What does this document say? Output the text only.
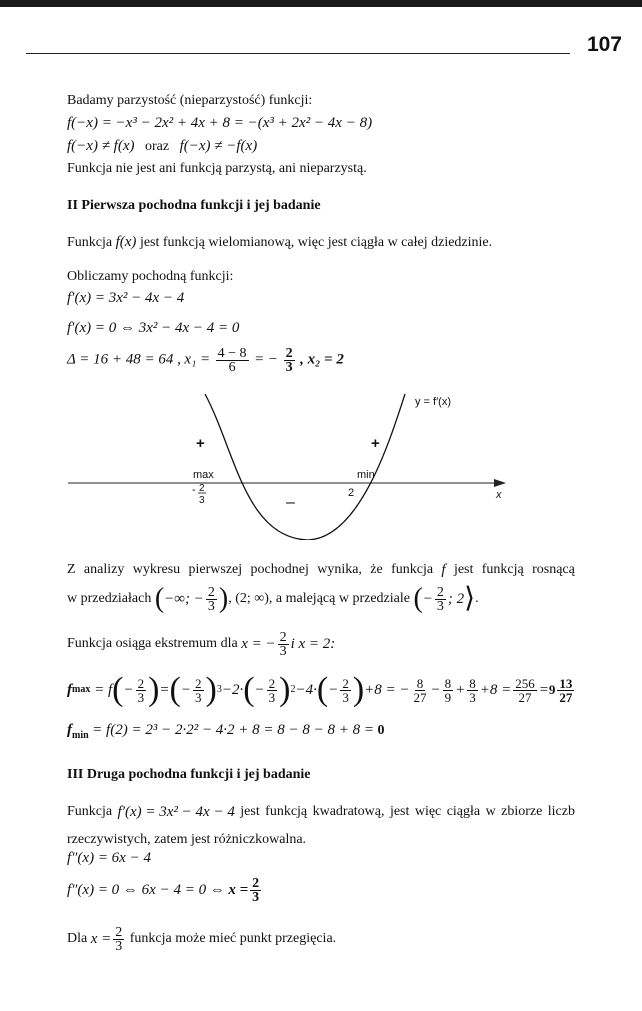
107
Badamy parzystość (nieparzystość) funkcji:
f(−x) = −x³ − 2x² + 4x + 8 = −(x³ + 2x² − 4x − 8)
f(−x) ≠ f(x) oraz f(−x) ≠ −f(x)
Funkcja nie jest ani funkcją parzystą, ani nieparzystą.
II Pierwsza pochodna funkcji i jej badanie
Funkcja f(x) jest funkcją wielomianową, więc jest ciągła w całej dziedzinie.
Obliczamy pochodną funkcji:
f′(x) = 3x² − 4x − 4
f′(x) = 0 ⇔ 3x² − 4x − 4 = 0
Δ = 16 + 48 = 64 , $x_1 = \frac{4 - 8}{6}$ = − $\frac{2}{3}$ , x₂ = 2
y = f′(x)
+	+
max	min
–
- 2
3
2	x
Z analizy wykresu pierwszej pochodnej wynika, że funkcja f jest funkcją rosnącą
w przedziałach
( −∞; − $\frac{2}{3}$ ) , (2; ∞), a malejącą w przedziale
( − $\frac{2}{3}$ ; 2 ⟩ .
Funkcja osiąga ekstremum dla
x = − $\frac{2}{3}$ i x = 2:
f max = f ( − $\frac{2}{3}$ ) = ( − $\frac{2}{3}$ ) 3 −2· ( − $\frac{2}{3}$ ) 2 −4· ( − $\frac{2}{3}$ ) +8 = − $\frac{8}{27} - \frac{8}{9} + \frac{8}{3} +8 = \frac{256}{27} = 9 \frac{13}{27}$
$f_{min} = f(2) = 2^3 - 2\cdot 2^2 - 4\cdot 2 + 8 = 8 - 8 - 8 + 8 = 0$
III Druga pochodna funkcji i jej badanie
Funkcja f′(x) = 3x² − 4x − 4 jest funkcją kwadratową, jest więc ciągła w zbiorze liczb
rzeczywistych, zatem jest różniczkowalna.
f″(x) = 6x − 4
f″(x) = 0 ⇔ 6x − 4 = 0 ⇔
$x = \frac{2}{3}$
Dla
$x = \frac{2}{3}$
funkcja może mieć punkt przegięcia.
